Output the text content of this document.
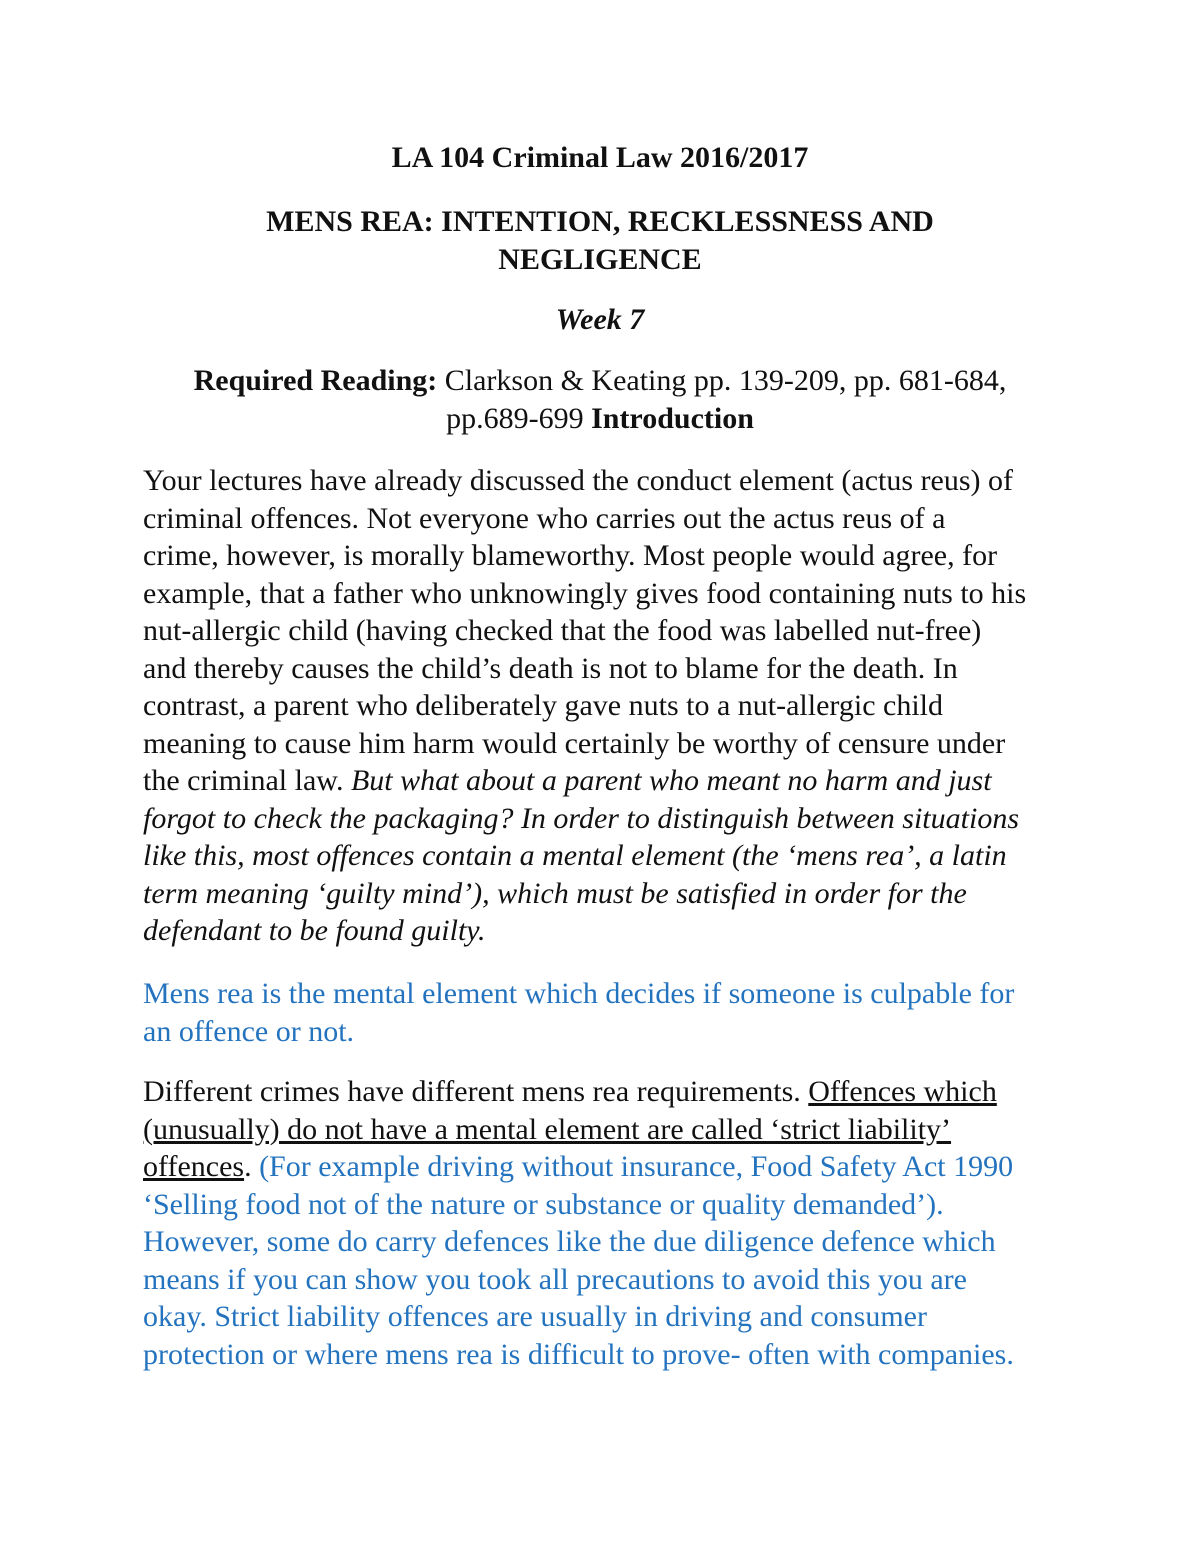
LA 104 Criminal Law 2016/2017
MENS REA: INTENTION, RECKLESSNESS AND
NEGLIGENCE
Week 7
Required Reading: Clarkson & Keating pp. 139-209, pp. 681-684,
pp.689-699 Introduction
Your lectures have already discussed the conduct element (actus reus) of
criminal offences. Not everyone who carries out the actus reus of a
crime, however, is morally blameworthy. Most people would agree, for
example, that a father who unknowingly gives food containing nuts to his
nut-allergic child (having checked that the food was labelled nut-free)
and thereby causes the child’s death is not to blame for the death. In
contrast, a parent who deliberately gave nuts to a nut-allergic child
meaning to cause him harm would certainly be worthy of censure under
the criminal law. But what about a parent who meant no harm and just
forgot to check the packaging? In order to distinguish between situations
like this, most offences contain a mental element (the ‘mens rea’, a latin
term meaning ‘guilty mind’), which must be satisfied in order for the
defendant to be found guilty.
Mens rea is the mental element which decides if someone is culpable for
an offence or not.
Different crimes have different mens rea requirements. Offences which
(unusually) do not have a mental element are called ‘strict liability’
offences. (For example driving without insurance, Food Safety Act 1990
‘Selling food not of the nature or substance or quality demanded’).
However, some do carry defences like the due diligence defence which
means if you can show you took all precautions to avoid this you are
okay. Strict liability offences are usually in driving and consumer
protection or where mens rea is difficult to prove- often with companies.
